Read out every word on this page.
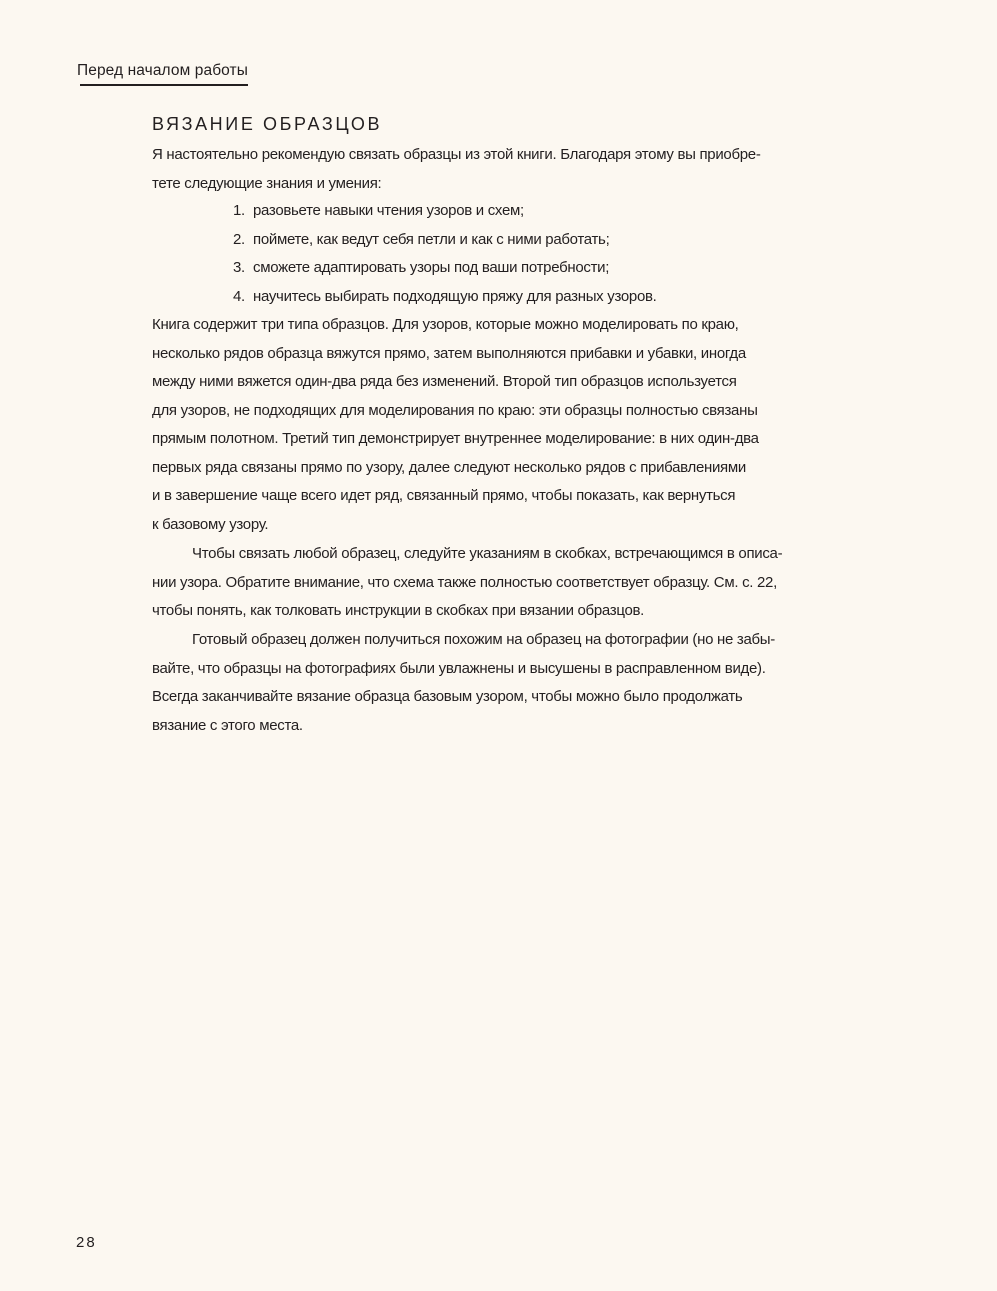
Перед началом работы
ВЯЗАНИЕ ОБРАЗЦОВ
Я настоятельно рекомендую связать образцы из этой книги. Благодаря этому вы приобре-
тете следующие знания и умения:
1. разовьете навыки чтения узоров и схем;
2. поймете, как ведут себя петли и как с ними работать;
3. сможете адаптировать узоры под ваши потребности;
4. научитесь выбирать подходящую пряжу для разных узоров.
Книга содержит три типа образцов. Для узоров, которые можно моделировать по краю,
несколько рядов образца вяжутся прямо, затем выполняются прибавки и убавки, иногда
между ними вяжется один-два ряда без изменений. Второй тип образцов используется
для узоров, не подходящих для моделирования по краю: эти образцы полностью связаны
прямым полотном. Третий тип демонстрирует внутреннее моделирование: в них один-два
первых ряда связаны прямо по узору, далее следуют несколько рядов с прибавлениями
и в завершение чаще всего идет ряд, связанный прямо, чтобы показать, как вернуться
к базовому узору.
Чтобы связать любой образец, следуйте указаниям в скобках, встречающимся в описа-
нии узора. Обратите внимание, что схема также полностью соответствует образцу. См. с. 22,
чтобы понять, как толковать инструкции в скобках при вязании образцов.
Готовый образец должен получиться похожим на образец на фотографии (но не забы-
вайте, что образцы на фотографиях были увлажнены и высушены в расправленном виде).
Всегда заканчивайте вязание образца базовым узором, чтобы можно было продолжать
вязание с этого места.
28
